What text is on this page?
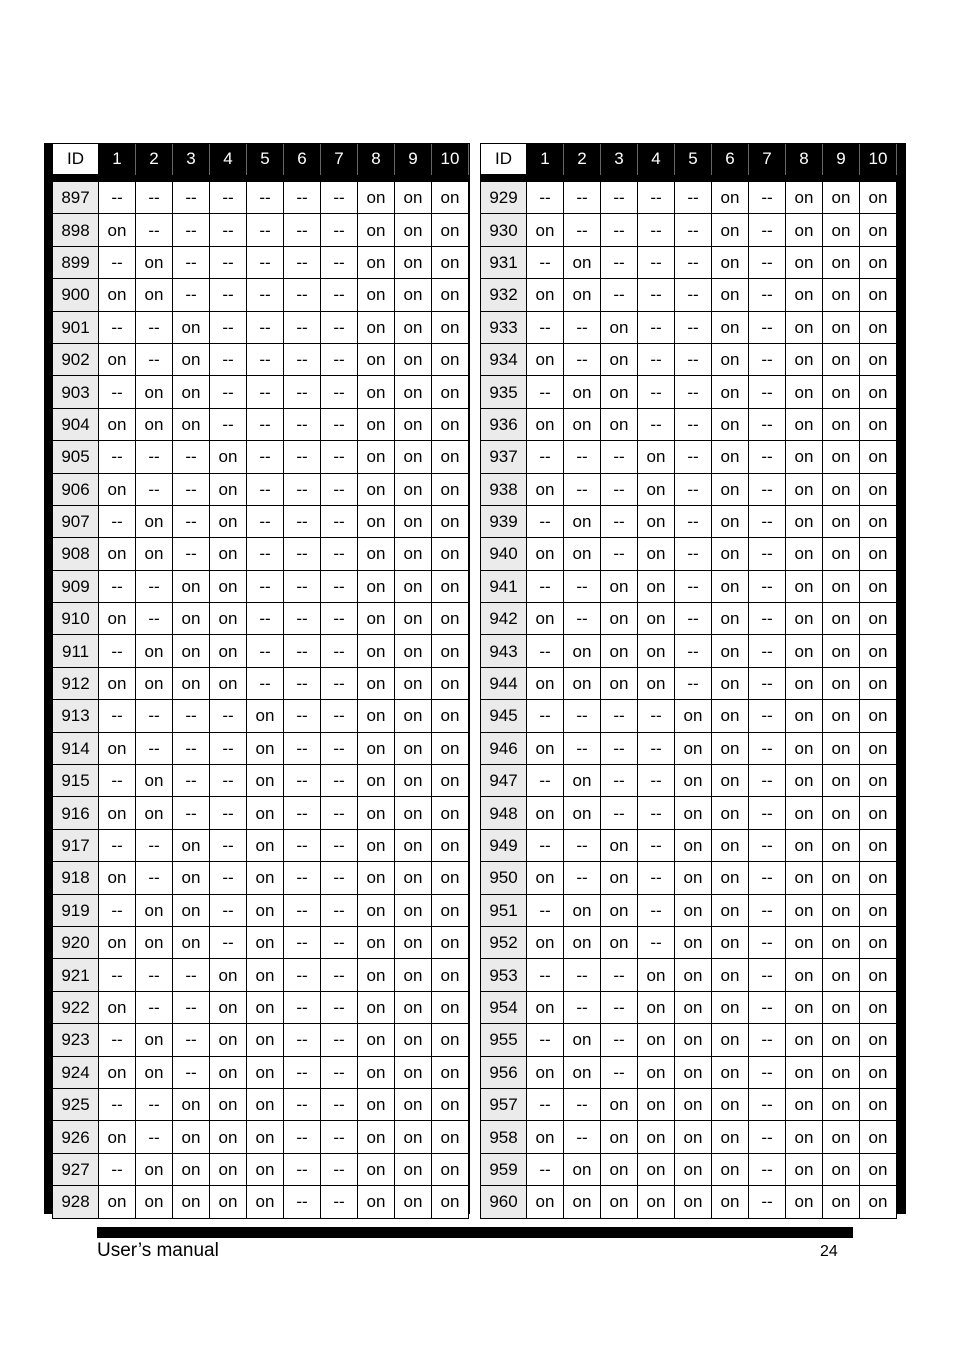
ID	1	2	3	4	5	6	7	8	9	10

897	--	--	--	--	--	--	--	on	on	on
898	on	--	--	--	--	--	--	on	on	on
899	--	on	--	--	--	--	--	on	on	on
900	on	on	--	--	--	--	--	on	on	on
901	--	--	on	--	--	--	--	on	on	on
902	on	--	on	--	--	--	--	on	on	on
903	--	on	on	--	--	--	--	on	on	on
904	on	on	on	--	--	--	--	on	on	on
905	--	--	--	on	--	--	--	on	on	on
906	on	--	--	on	--	--	--	on	on	on
907	--	on	--	on	--	--	--	on	on	on
908	on	on	--	on	--	--	--	on	on	on
909	--	--	on	on	--	--	--	on	on	on
910	on	--	on	on	--	--	--	on	on	on
911	--	on	on	on	--	--	--	on	on	on
912	on	on	on	on	--	--	--	on	on	on
913	--	--	--	--	on	--	--	on	on	on
914	on	--	--	--	on	--	--	on	on	on
915	--	on	--	--	on	--	--	on	on	on
916	on	on	--	--	on	--	--	on	on	on
917	--	--	on	--	on	--	--	on	on	on
918	on	--	on	--	on	--	--	on	on	on
919	--	on	on	--	on	--	--	on	on	on
920	on	on	on	--	on	--	--	on	on	on
921	--	--	--	on	on	--	--	on	on	on
922	on	--	--	on	on	--	--	on	on	on
923	--	on	--	on	on	--	--	on	on	on
924	on	on	--	on	on	--	--	on	on	on
925	--	--	on	on	on	--	--	on	on	on
926	on	--	on	on	on	--	--	on	on	on
927	--	on	on	on	on	--	--	on	on	on
928	on	on	on	on	on	--	--	on	on	on
ID	1	2	3	4	5	6	7	8	9	10

929	--	--	--	--	--	on	--	on	on	on
930	on	--	--	--	--	on	--	on	on	on
931	--	on	--	--	--	on	--	on	on	on
932	on	on	--	--	--	on	--	on	on	on
933	--	--	on	--	--	on	--	on	on	on
934	on	--	on	--	--	on	--	on	on	on
935	--	on	on	--	--	on	--	on	on	on
936	on	on	on	--	--	on	--	on	on	on
937	--	--	--	on	--	on	--	on	on	on
938	on	--	--	on	--	on	--	on	on	on
939	--	on	--	on	--	on	--	on	on	on
940	on	on	--	on	--	on	--	on	on	on
941	--	--	on	on	--	on	--	on	on	on
942	on	--	on	on	--	on	--	on	on	on
943	--	on	on	on	--	on	--	on	on	on
944	on	on	on	on	--	on	--	on	on	on
945	--	--	--	--	on	on	--	on	on	on
946	on	--	--	--	on	on	--	on	on	on
947	--	on	--	--	on	on	--	on	on	on
948	on	on	--	--	on	on	--	on	on	on
949	--	--	on	--	on	on	--	on	on	on
950	on	--	on	--	on	on	--	on	on	on
951	--	on	on	--	on	on	--	on	on	on
952	on	on	on	--	on	on	--	on	on	on
953	--	--	--	on	on	on	--	on	on	on
954	on	--	--	on	on	on	--	on	on	on
955	--	on	--	on	on	on	--	on	on	on
956	on	on	--	on	on	on	--	on	on	on
957	--	--	on	on	on	on	--	on	on	on
958	on	--	on	on	on	on	--	on	on	on
959	--	on	on	on	on	on	--	on	on	on
960	on	on	on	on	on	on	--	on	on	on
User’s manual	24
